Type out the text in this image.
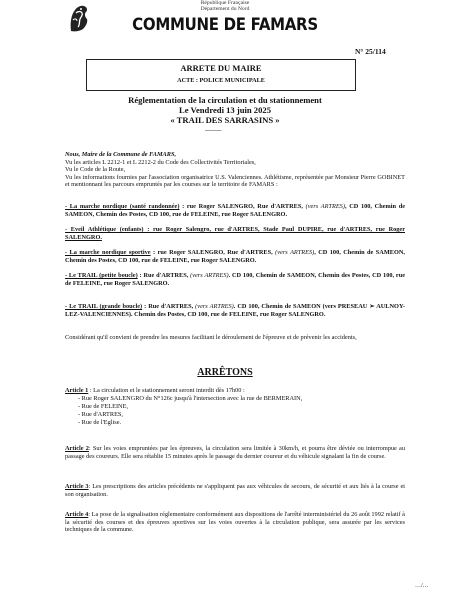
République Française
Département du Nord
COMMUNE DE FAMARS
N° 25/114
ARRETE DU MAIRE
ACTE : POLICE MUNICIPALE
Réglementation de la circulation et du stationnement
Le Vendredi 13 juin 2025
« TRAIL DES SARRASINS »
________
Nous, Maire de la Commune de FAMARS,
Vu les articles L 2212-1 et L 2212-2 du Code des Collectivités Territoriales,
Vu le Code de la Route,
Vu les informations fournies par l'association organisatrice U.S. Valenciennes. Athlétisme, représentée par Monsieur Pierre GOBINET et mentionnant les parcours empruntés par les courses sur le territoire de FAMARS :
- La marche nordique (santé randonnée) : rue Roger SALENGRO, Rue d'ARTRES, (vers ARTRES), CD 100, Chemin de SAMEON, Chemin des Postes, CD 100, rue de FELEINE, rue Roger SALENGRO.
- Eveil Athlétique (enfants) : rue Roger Salengro, rue d'ARTRES, Stade Paul DUPIRE, rue d'ARTRES, rue Roger SALENGRO.
- La marche nordique sportive : rue Roger SALENGRO, Rue d'ARTRES, (vers ARTRES), CD 100, Chemin de SAMEON, Chemin des Postes, CD 100, rue de FELEINE, rue Roger SALENGRO.
- Le TRAIL (petite boucle) : Rue d'ARTRES, (vers ARTRES). CD 100, Chemin de SAMEON, Chemin des Postes, CD 100, rue de FELEINE, rue Roger SALENGRO.
- Le TRAIL (grande boucle) : Rue d'ARTRES, (vers ARTRES). CD 100, Chemin de SAMEON (vers PRESEAU ➢ AULNOY-LEZ-VALENCIENNES). Chemin des Postes, CD 100, rue de FELEINE, rue Roger SALENGRO.
Considérant qu'il convient de prendre les mesures facilitant le déroulement de l'épreuve et de prévenir les accidents,
ARRÊTONS
Article 1 : La circulation et le stationnement seront interdit dès 17h00 :
- Rue Roger SALENGRO du N°126c jusqu'à l'intersection avec la rue de BERMERAIN,
- Rue de FELEINE,
- Rue d'ARTRES,
- Rue de l'Eglise.
Article 2: Sur les voies empruntées par les épreuves, la circulation sera limitée à 30km/h, et pourra être déviée ou interrompue au passage des coureurs. Elle sera rétablie 15 minutes après le passage du dernier coureur et du véhicule signalant la fin de course.
Article 3: Les prescriptions des articles précédents ne s'appliquent pas aux véhicules de secours, de sécurité et aux liés à la course et son organisation.
Article 4: La pose de la signalisation réglementaire conformément aux dispositions de l'arrêté interministériel du 26 août 1992 relatif à la sécurité des courses et des épreuves sportives sur les voies ouvertes à la circulation publique, sera assurée par les services techniques de la commune.
…/…
